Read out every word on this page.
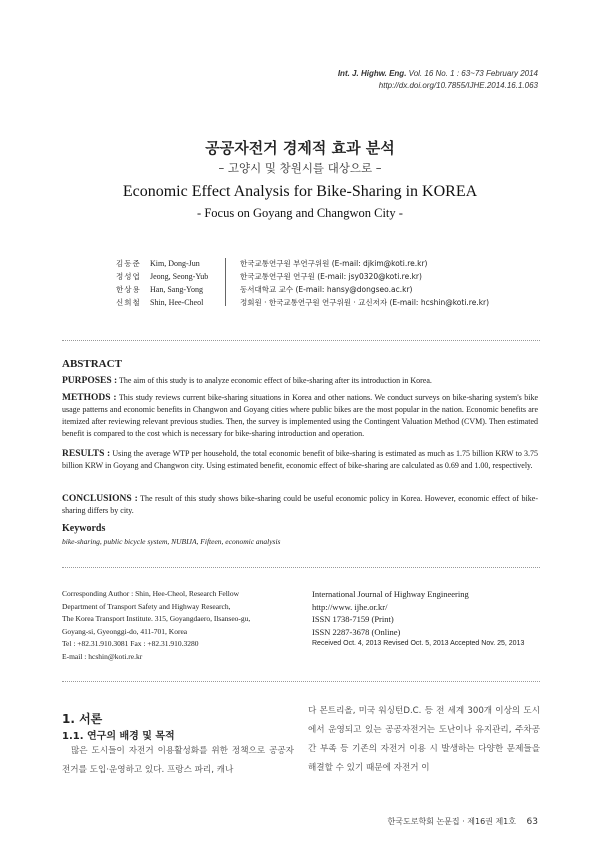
Int. J. Highw. Eng. Vol. 16 No. 1 : 63~73 February 2014
http://dx.doi.org/10.7855/IJHE.2014.16.1.063
공공자전거 경제적 효과 분석
– 고양시 및 창원시를 대상으로 –
Economic Effect Analysis for Bike-Sharing in KOREA
- Focus on Goyang and Changwon City -
김동준	Kim, Dong-Jun	한국교통연구원 부연구위원 (E-mail: djkim@koti.re.kr)
정성엽	Jeong, Seong-Yub	한국교통연구원 연구원 (E-mail: jsy0320@koti.re.kr)
한상용	Han, Sang-Yong	동서대학교 교수 (E-mail: hansy@dongseo.ac.kr)
신희철	Shin, Hee-Cheol	정회원 · 한국교통연구원 연구위원 · 교신저자 (E-mail: hcshin@koti.re.kr)
ABSTRACT
PURPOSES : The aim of this study is to analyze economic effect of bike-sharing after its introduction in Korea.
METHODS : This study reviews current bike-sharing situations in Korea and other nations. We conduct surveys on bike-sharing system's bike usage patterns and economic benefits in Changwon and Goyang cities where public bikes are the most popular in the nation. Economic benefits are itemized after reviewing relevant previous studies. Then, the survey is implemented using the Contingent Valuation Method (CVM). Then estimated benefit is compared to the cost which is necessary for bike-sharing introduction and operation.
RESULTS : Using the average WTP per household, the total economic benefit of bike-sharing is estimated as much as 1.75 billion KRW to 3.75 billion KRW in Goyang and Changwon city. Using estimated benefit, economic effect of bike-sharing are calculated as 0.69 and 1.00, respectively.
CONCLUSIONS : The result of this study shows bike-sharing could be useful economic policy in Korea. However, economic effect of bike-sharing differs by city.
Keywords
bike-sharing, public bicycle system, NUBIJA, Fifteen, economic analysis
Corresponding Author : Shin, Hee-Cheol, Research Fellow
Department of Transport Safety and Highway Research,
The Korea Transport Institute. 315, Goyangdaero, Ilsanseo-gu,
Goyang-si, Gyeonggi-do, 411-701, Korea
Tel : +82.31.910.3081 Fax : +82.31.910.3280
E-mail : hcshin@koti.re.kr
International Journal of Highway Engineering
http://www. ijhe.or.kr/
ISSN 1738-7159 (Print)
ISSN 2287-3678 (Online)
Received Oct. 4, 2013 Revised Oct. 5, 2013 Accepted Nov. 25, 2013
1. 서론
1.1. 연구의 배경 및 목적
많은 도시들이 자전거 이용활성화를 위한 정책으로 공공자전거를 도입·운영하고 있다. 프랑스 파리, 캐나
다 몬트리올, 미국 워싱턴D.C. 등 전 세계 300개 이상의 도시에서 운영되고 있는 공공자전거는 도난이나 유지관리, 주차공간 부족 등 기존의 자전거 이용 시 발생하는 다양한 문제들을 해결할 수 있기 때문에 자전거 이
한국도로학회 논문집 · 제16권 제1호 63
